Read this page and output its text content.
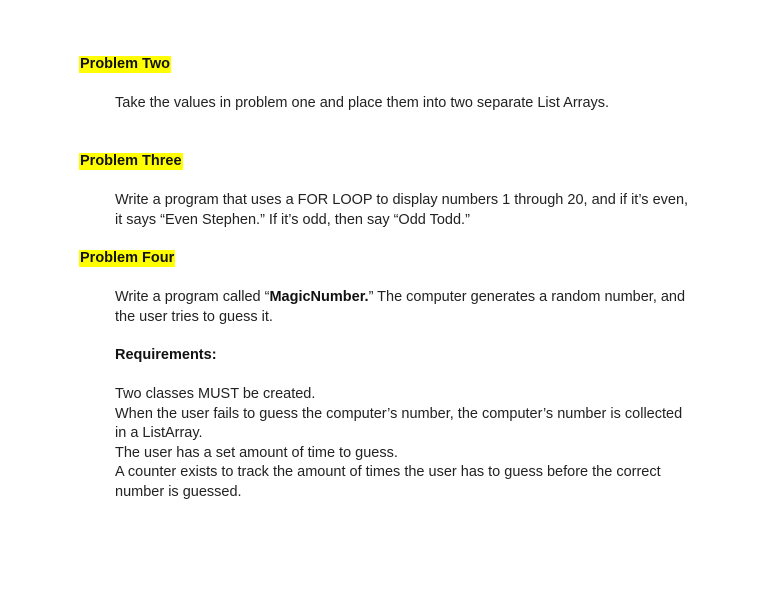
Problem Two
Take the values in problem one and place them into two separate List Arrays.
Problem Three
Write a program that uses a FOR LOOP to display numbers 1 through 20, and if it’s even,
it says “Even Stephen.” If it’s odd, then say “Odd Todd.”
Problem Four
Write a program called “MagicNumber.” The computer generates a random number, and
the user tries to guess it.
Requirements:
Two classes MUST be created.
When the user fails to guess the computer’s number, the computer’s number is collected
in a ListArray.
The user has a set amount of time to guess.
A counter exists to track the amount of times the user has to guess before the correct
number is guessed.
